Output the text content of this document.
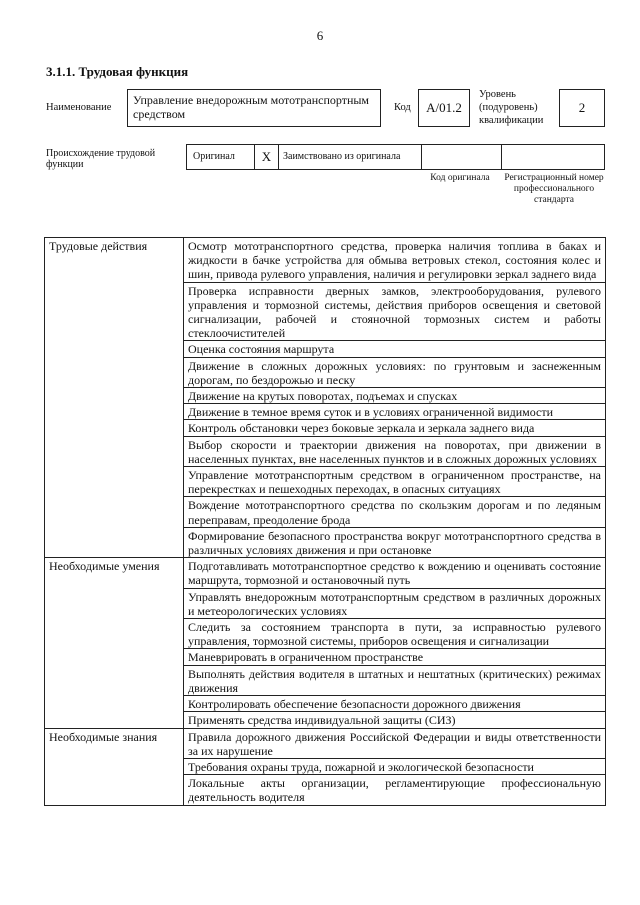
6
3.1.1. Трудовая функция
Наименование
Управление внедорожным мототранспортным средством	Код	A/01.2
Уровень (подуровень) квалификации
2
Происхождение трудовой функции
Оригинал	X	Заимствовано из оригинала
Код оригинала	Регистрационный номер профессионального стандарта
Трудовые действия	Осмотр мототранспортного средства, проверка наличия топлива в баках и жидкости в бачке устройства для обмыва ветровых стекол, состояния колес и шин, привода рулевого управления, наличия и регулировки зеркал заднего вида
	Проверка исправности дверных замков, электрооборудования, рулевого управления и тормозной системы, действия приборов освещения и световой сигнализации, рабочей и стояночной тормозных систем и работы стеклоочистителей
	Оценка состояния маршрута
	Движение в сложных дорожных условиях: по грунтовым и заснеженным дорогам, по бездорожью и песку
	Движение на крутых поворотах, подъемах и спусках
	Движение в темное время суток и в условиях ограниченной видимости
	Контроль обстановки через боковые зеркала и зеркала заднего вида
	Выбор скорости и траектории движения на поворотах, при движении в населенных пунктах, вне населенных пунктов и в сложных дорожных условиях
	Управление мототранспортным средством в ограниченном пространстве, на перекрестках и пешеходных переходах, в опасных ситуациях
	Вождение мототранспортного средства по скользким дорогам и по ледяным переправам, преодоление брода
	Формирование безопасного пространства вокруг мототранспортного средства в различных условиях движения и при остановке
Необходимые умения	Подготавливать мототранспортное средство к вождению и оценивать состояние маршрута, тормозной и остановочный путь
	Управлять внедорожным мототранспортным средством в различных дорожных и метеорологических условиях
	Следить за состоянием транспорта в пути, за исправностью рулевого управления, тормозной системы, приборов освещения и сигнализации
	Маневрировать в ограниченном пространстве
	Выполнять действия водителя в штатных и нештатных (критических) режимах движения
	Контролировать обеспечение безопасности дорожного движения
	Применять средства индивидуальной защиты (СИЗ)
Необходимые знания	Правила дорожного движения Российской Федерации и виды ответственности за их нарушение
	Требования охраны труда, пожарной и экологической безопасности
	Локальные акты организации, регламентирующие профессиональную деятельность водителя
